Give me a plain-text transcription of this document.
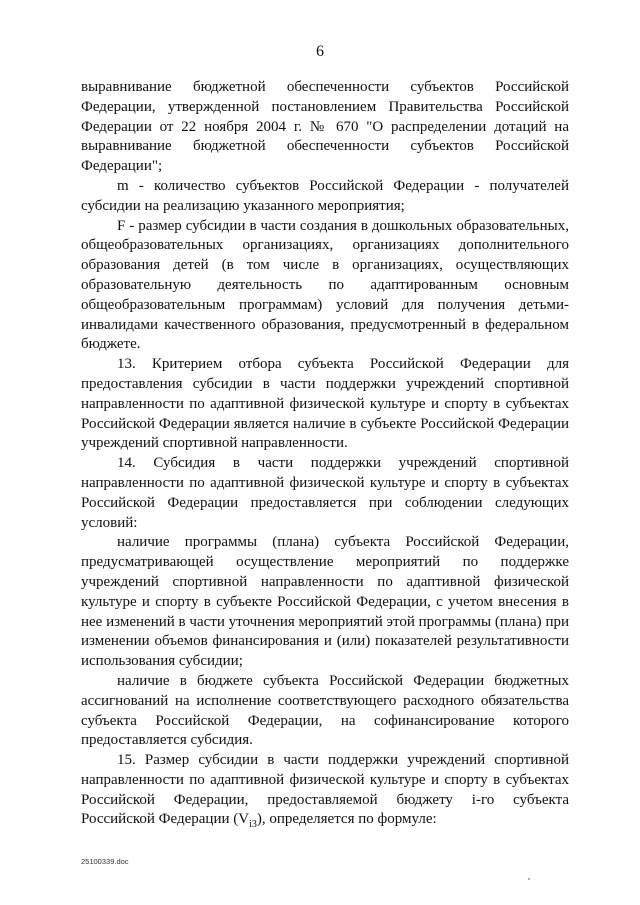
6

выравнивание бюджетной обеспеченности субъектов Российской Федерации, утвержденной постановлением Правительства Российской Федерации от 22 ноября 2004 г. № 670 "О распределении дотаций на выравнивание бюджетной обеспеченности субъектов Российской Федерации";

m - количество субъектов Российской Федерации - получателей субсидии на реализацию указанного мероприятия;

F - размер субсидии в части создания в дошкольных образовательных, общеобразовательных организациях, организациях дополнительного образования детей (в том числе в организациях, осуществляющих образовательную деятельность по адаптированным основным общеобразовательным программам) условий для получения детьми-инвалидами качественного образования, предусмотренный в федеральном бюджете.

13. Критерием отбора субъекта Российской Федерации для предоставления субсидии в части поддержки учреждений спортивной направленности по адаптивной физической культуре и спорту в субъектах Российской Федерации является наличие в субъекте Российской Федерации учреждений спортивной направленности.

14. Субсидия в части поддержки учреждений спортивной направленности по адаптивной физической культуре и спорту в субъектах Российской Федерации предоставляется при соблюдении следующих условий:

наличие программы (плана) субъекта Российской Федерации, предусматривающей осуществление мероприятий по поддержке учреждений спортивной направленности по адаптивной физической культуре и спорту в субъекте Российской Федерации, с учетом внесения в нее изменений в части уточнения мероприятий этой программы (плана) при изменении объемов финансирования и (или) показателей результативности использования субсидии;

наличие в бюджете субъекта Российской Федерации бюджетных ассигнований на исполнение соответствующего расходного обязательства субъекта Российской Федерации, на софинансирование которого предоставляется субсидия.

15. Размер субсидии в части поддержки учреждений спортивной направленности по адаптивной физической культуре и спорту в субъектах Российской Федерации, предоставляемой бюджету i-го субъекта Российской Федерации $(V_{i3})$, определяется по формуле:

25100339.doc
